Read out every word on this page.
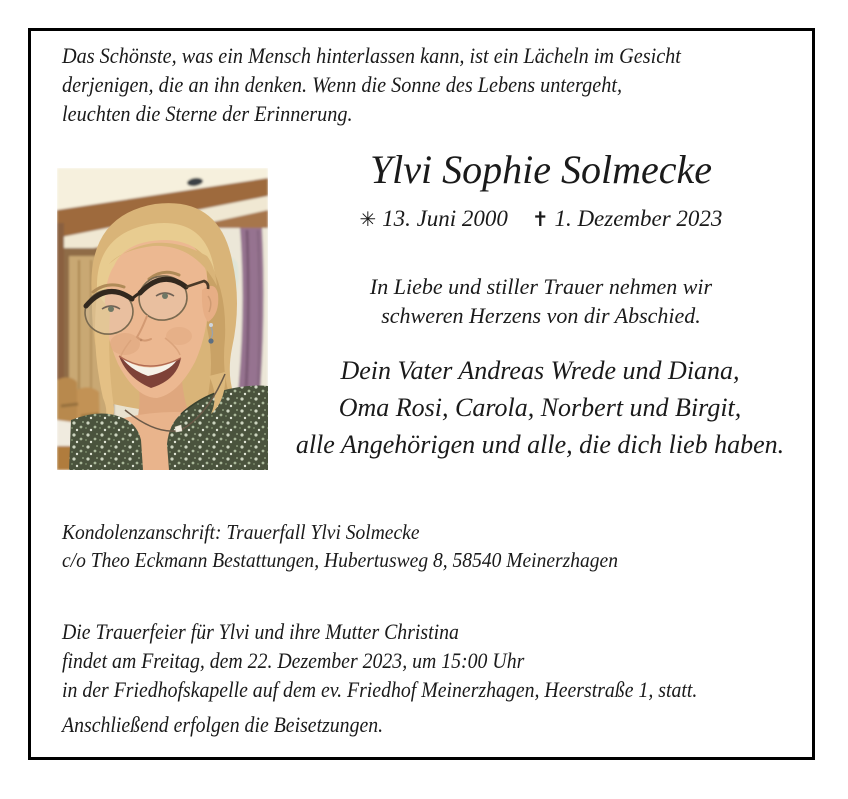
Das Schönste, was ein Mensch hinterlassen kann, ist ein Lächeln im Gesicht
derjenigen, die an ihn denken. Wenn die Sonne des Lebens untergeht,
leuchten die Sterne der Erinnerung.
Ylvi Sophie Solmecke
✳ 13. Juni 2000 ✝ 1. Dezember 2023
In Liebe und stiller Trauer nehmen wir
schweren Herzens von dir Abschied.
Dein Vater Andreas Wrede und Diana,
Oma Rosi, Carola, Norbert und Birgit,
alle Angehörigen und alle, die dich lieb haben.
Kondolenzanschrift: Trauerfall Ylvi Solmecke
c/o Theo Eckmann Bestattungen, Hubertusweg 8, 58540 Meinerzhagen
Die Trauerfeier für Ylvi und ihre Mutter Christina
findet am Freitag, dem 22. Dezember 2023, um 15:00 Uhr
in der Friedhofskapelle auf dem ev. Friedhof Meinerzhagen, Heerstraße 1, statt.
Anschließend erfolgen die Beisetzungen.
